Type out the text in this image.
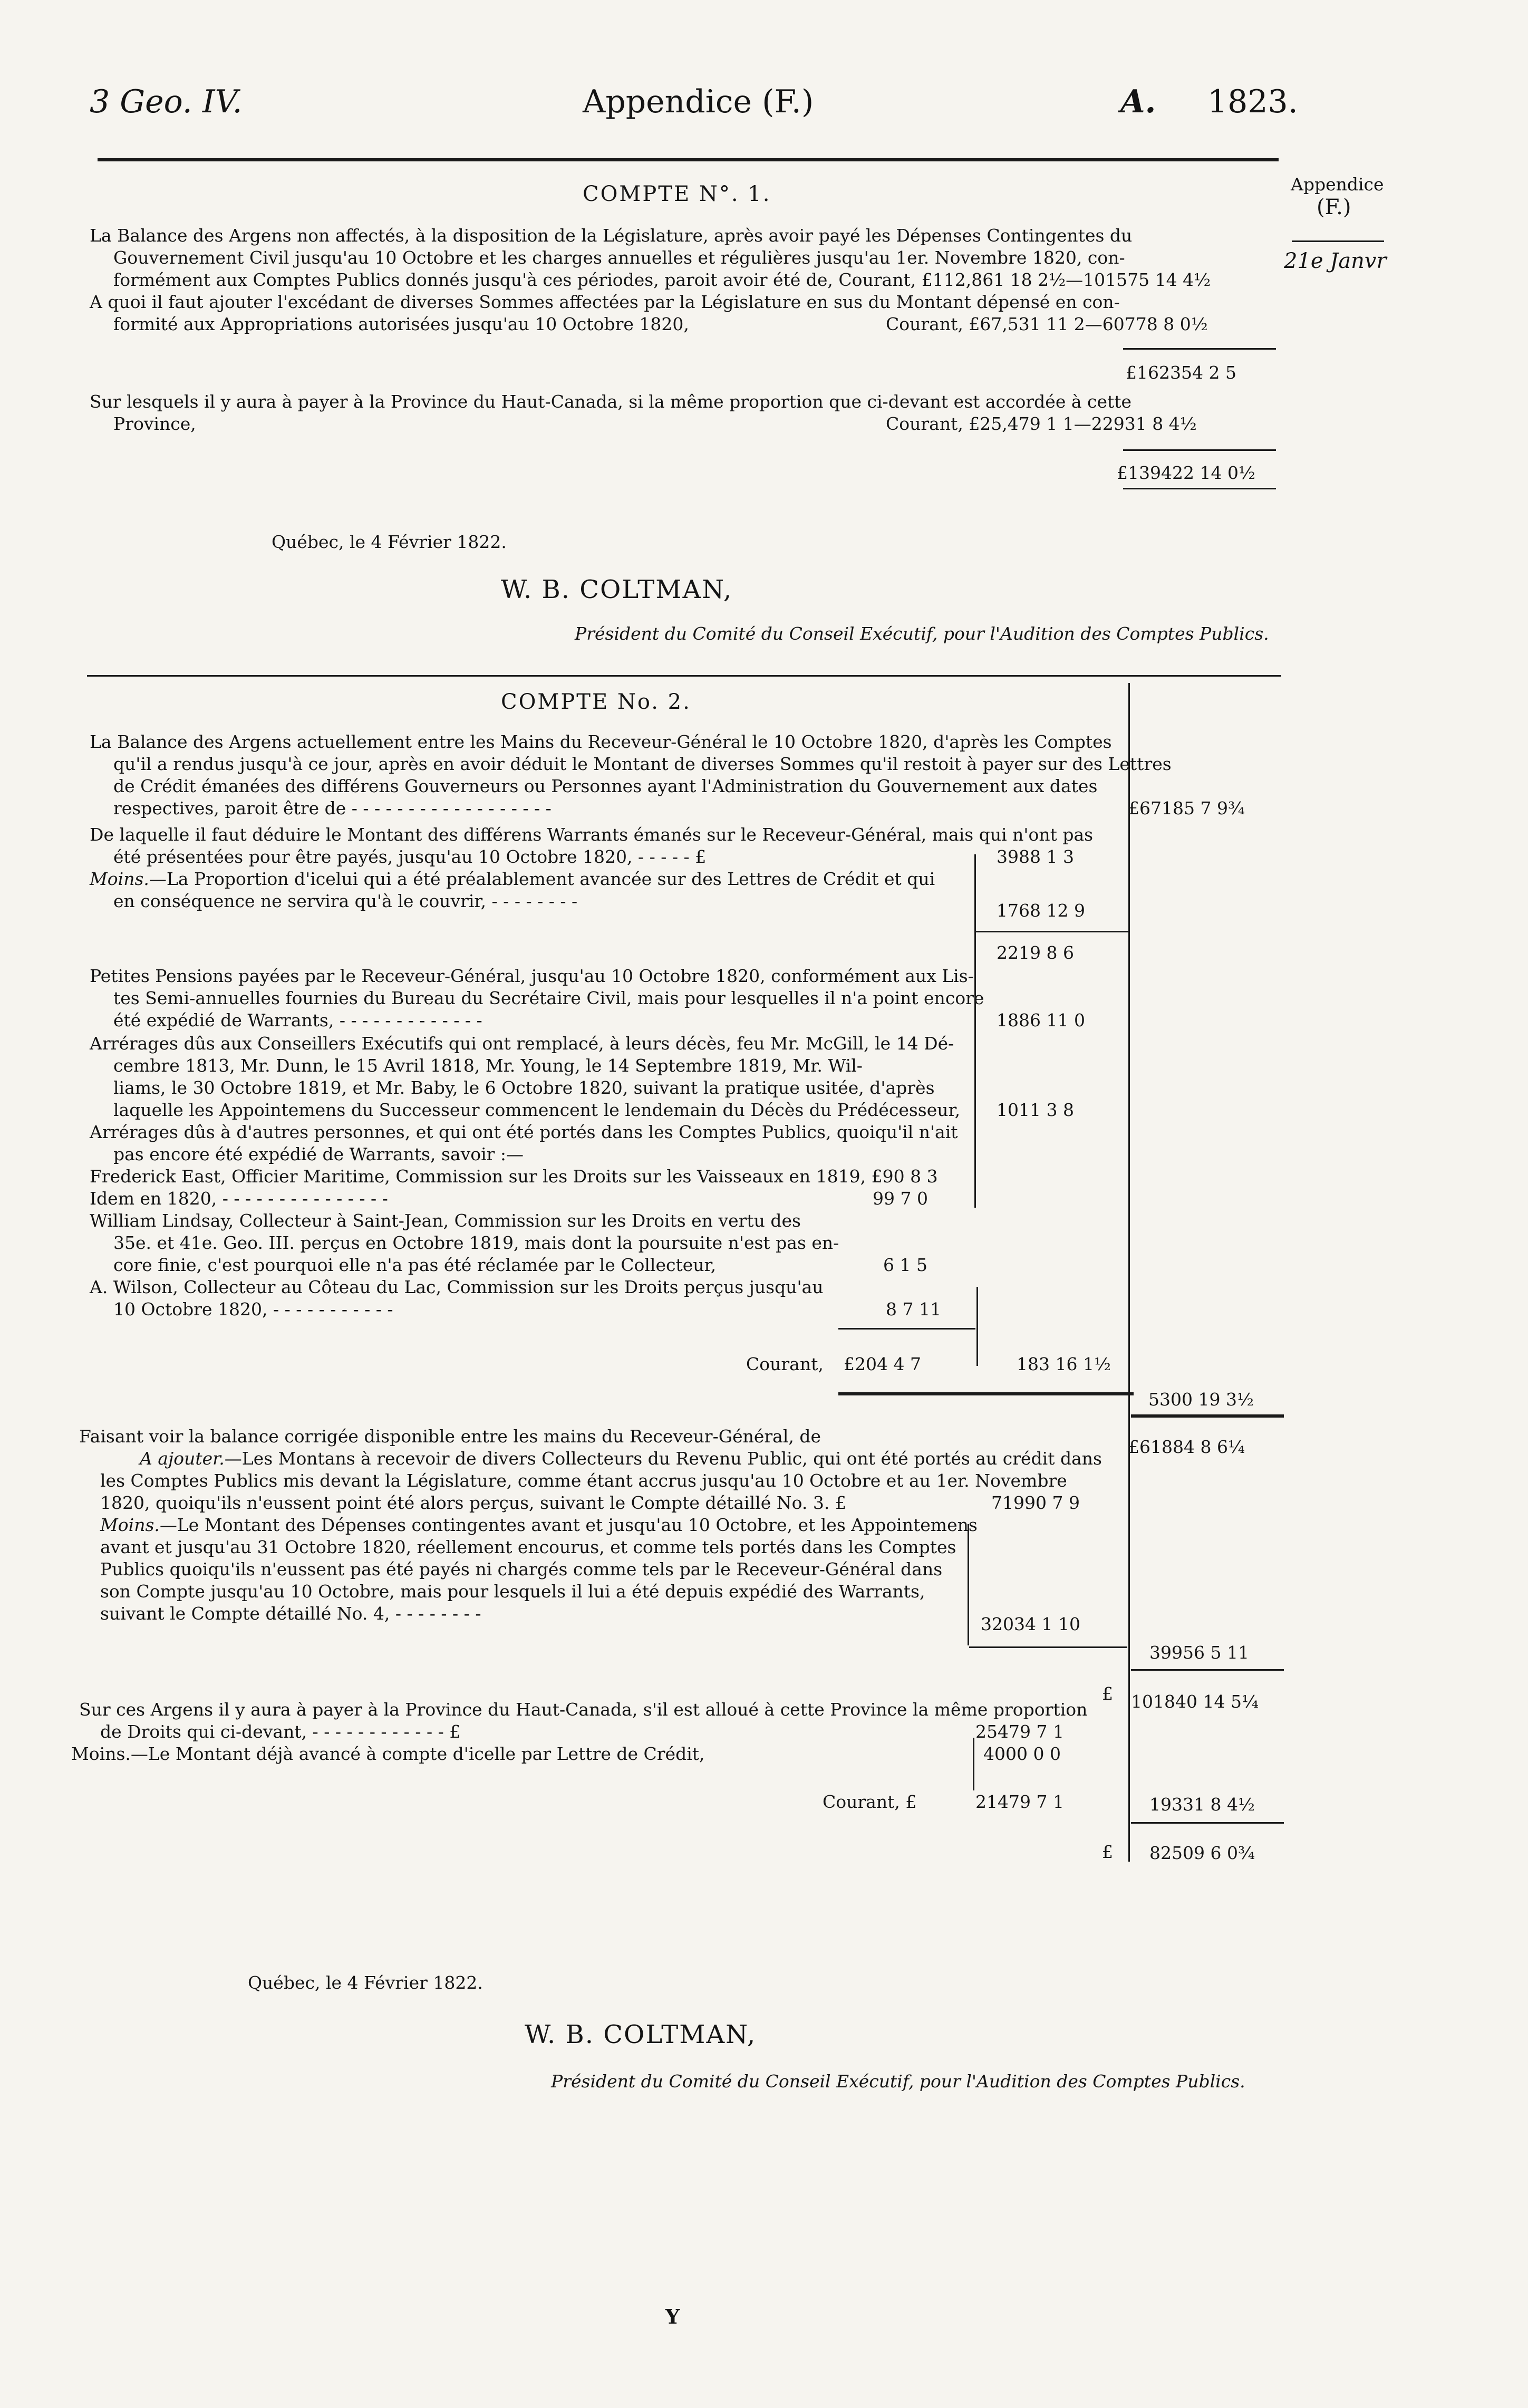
3 Geo. IV.	Appendice (F.)	A. 1823.
Appendice
(F.)
21e Janvr
COMPTE N°. 1.
La Balance des Argens non affectés, à la disposition de la Législature, après avoir payé les Dépenses Contingentes du
Gouvernement Civil jusqu'au 10 Octobre et les charges annuelles et régulières jusqu'au 1er. Novembre 1820, con-
formément aux Comptes Publics donnés jusqu'à ces périodes, paroit avoir été de, Courant, £112,861 18 2½—101575 14 4½
A quoi il faut ajouter l'excédant de diverses Sommes affectées par la Législature en sus du Montant dépensé en con-
formité aux Appropriations autorisées jusqu'au 10 Octobre 1820,	Courant, £67,531 11 2—60778 8 0½
£162354 2 5
Sur lesquels il y aura à payer à la Province du Haut-Canada, si la même proportion que ci-devant est accordée à cette
Province,	Courant, £25,479 1 1—22931 8 4½
£139422 14 0½
Québec, le 4 Février 1822.
W. B. COLTMAN,
Président du Comité du Conseil Exécutif, pour l'Audition des Comptes Publics.
COMPTE No. 2.
La Balance des Argens actuellement entre les Mains du Receveur-Général le 10 Octobre 1820, d'après les Comptes
qu'il a rendus jusqu'à ce jour, après en avoir déduit le Montant de diverses Sommes qu'il restoit à payer sur des Lettres
de Crédit émanées des différens Gouverneurs ou Personnes ayant l'Administration du Gouvernement aux dates
respectives, paroit être de - - - - - - - - - - - - - - - - - -	£67185 7 9¾
De laquelle il faut déduire le Montant des différens Warrants émanés sur le Receveur-Général, mais qui n'ont pas
été présentées pour être payés, jusqu'au 10 Octobre 1820, - - - - - £	3988 1 3
Moins.—La Proportion d'icelui qui a été préalablement avancée sur des Lettres de Crédit et qui
en conséquence ne servira qu'à le couvrir, - - - - - - - -	1768 12 9
2219 8 6
Petites Pensions payées par le Receveur-Général, jusqu'au 10 Octobre 1820, conformément aux Lis-
tes Semi-annuelles fournies du Bureau du Secrétaire Civil, mais pour lesquelles il n'a point encore
été expédié de Warrants, - - - - - - - - - - - - -	1886 11 0
Arrérages dûs aux Conseillers Exécutifs qui ont remplacé, à leurs décès, feu Mr. McGill, le 14 Dé-
cembre 1813, Mr. Dunn, le 15 Avril 1818, Mr. Young, le 14 Septembre 1819, Mr. Wil-
liams, le 30 Octobre 1819, et Mr. Baby, le 6 Octobre 1820, suivant la pratique usitée, d'après
laquelle les Appointemens du Successeur commencent le lendemain du Décès du Prédécesseur, 1011 3 8
Arrérages dûs à d'autres personnes, et qui ont été portés dans les Comptes Publics, quoiqu'il n'ait
pas encore été expédié de Warrants, savoir :—
Frederick East, Officier Maritime, Commission sur les Droits sur les Vaisseaux en 1819, £90 8 3
Idem en 1820, - - - - - - - - - - - - - - -	99 7 0
William Lindsay, Collecteur à Saint-Jean, Commission sur les Droits en vertu des
35e. et 41e. Geo. III. perçus en Octobre 1819, mais dont la poursuite n'est pas en-
core finie, c'est pourquoi elle n'a pas été réclamée par le Collecteur,	6 1 5
A. Wilson, Collecteur au Côteau du Lac, Commission sur les Droits perçus jusqu'au
10 Octobre 1820, - - - - - - - - - - -	8 7 11
Courant, £204 4 7	183 16 1½
5300 19 3½
Faisant voir la balance corrigée disponible entre les mains du Receveur-Général, de
£61884 8 6¼
A ajouter.—Les Montans à recevoir de divers Collecteurs du Revenu Public, qui ont été portés au crédit dans
les Comptes Publics mis devant la Législature, comme étant accrus jusqu'au 10 Octobre et au 1er. Novembre
1820, quoiqu'ils n'eussent point été alors perçus, suivant le Compte détaillé No. 3. £	71990 7 9
Moins.—Le Montant des Dépenses contingentes avant et jusqu'au 10 Octobre, et les Appointemens
avant et jusqu'au 31 Octobre 1820, réellement encourus, et comme tels portés dans les Comptes
Publics quoiqu'ils n'eussent pas été payés ni chargés comme tels par le Receveur-Général dans
son Compte jusqu'au 10 Octobre, mais pour lesquels il lui a été depuis expédié des Warrants,
suivant le Compte détaillé No. 4, - - - - - - - -
32034 1 10
39956 5 11
£ 101840 14 5¼
Sur ces Argens il y aura à payer à la Province du Haut-Canada, s'il est alloué à cette Province la même proportion
de Droits qui ci-devant, - - - - - - - - - - - - £	25479 7 1
Moins.—Le Montant déjà avancé à compte d'icelle par Lettre de Crédit,	4000 0 0
Courant, £	21479 7 1	19331 8 4½
£ 82509 6 0¾
Québec, le 4 Février 1822.
W. B. COLTMAN,
Président du Comité du Conseil Exécutif, pour l'Audition des Comptes Publics.
Y
